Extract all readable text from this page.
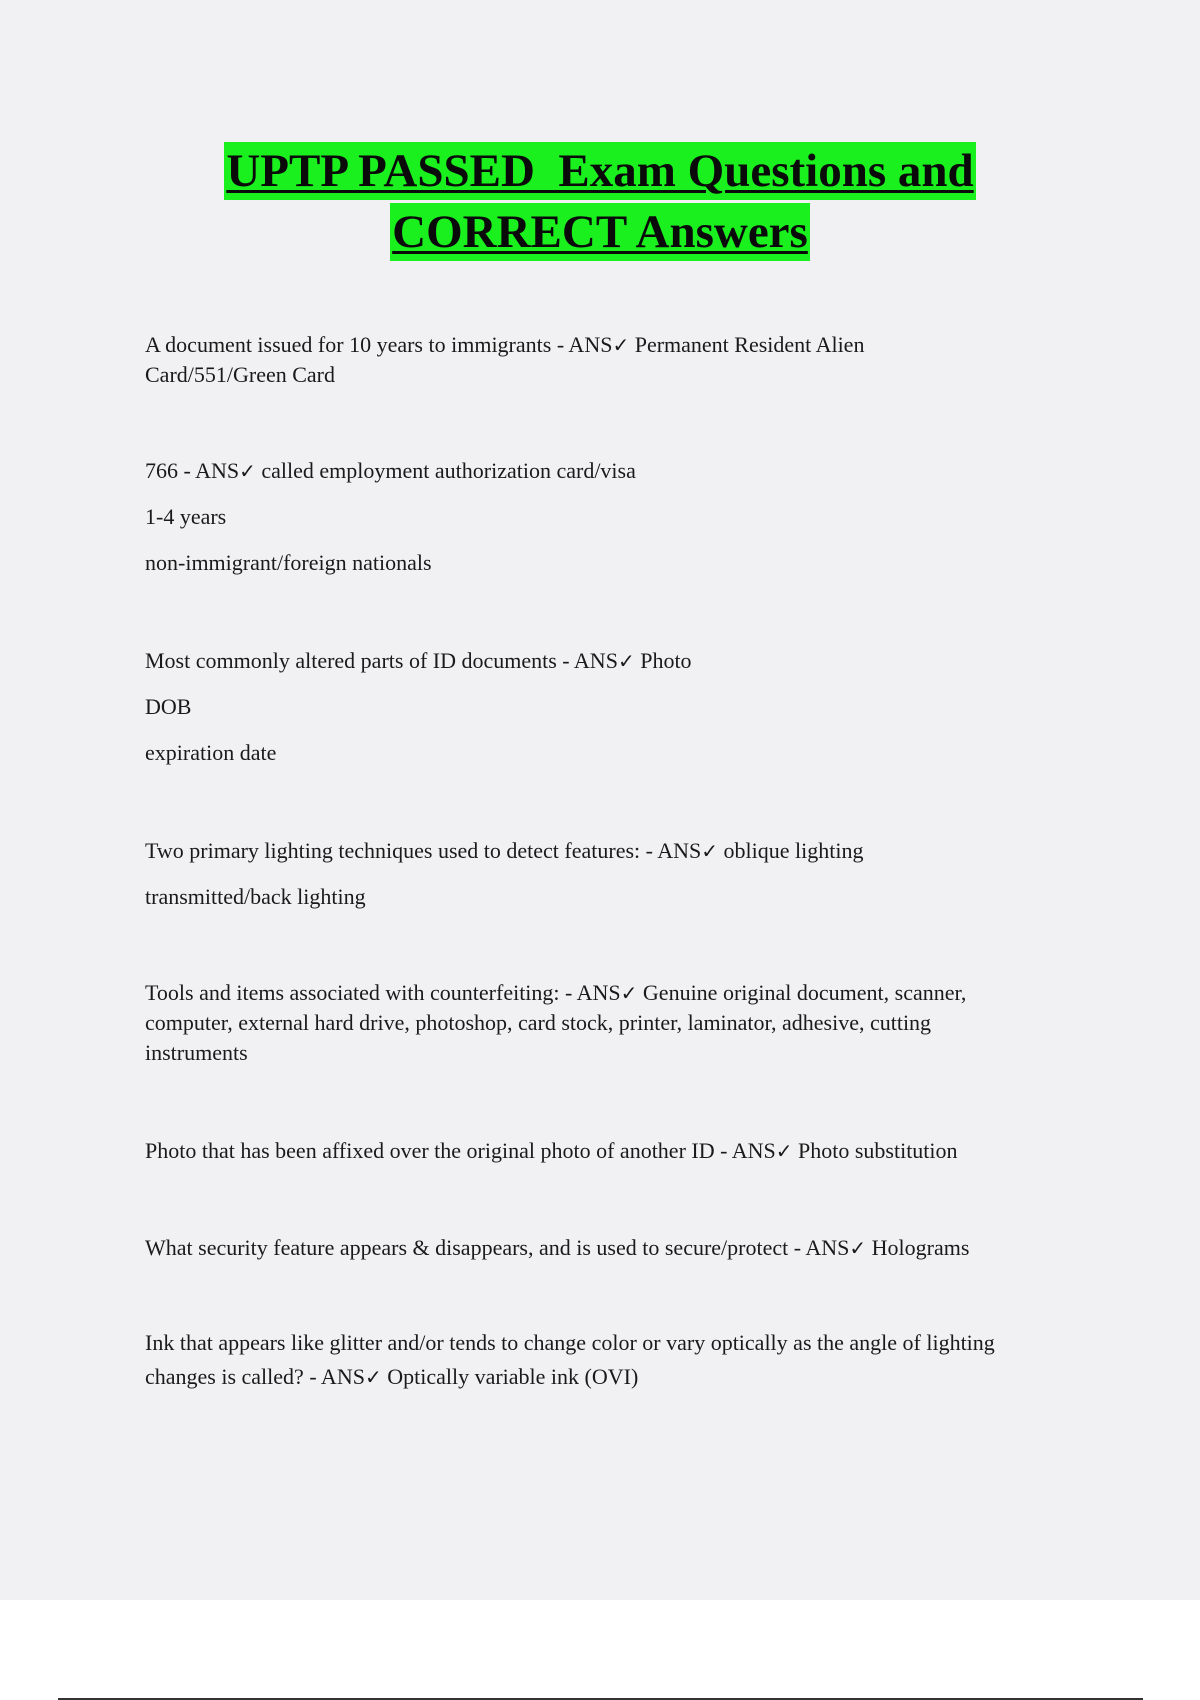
UPTP PASSED  Exam Questions and
CORRECT Answers
A document issued for 10 years to immigrants - ANS✓ Permanent Resident Alien
Card/551/Green Card
766 - ANS✓ called employment authorization card/visa
1-4 years
non-immigrant/foreign nationals
Most commonly altered parts of ID documents - ANS✓ Photo
DOB
expiration date
Two primary lighting techniques used to detect features: - ANS✓ oblique lighting
transmitted/back lighting
Tools and items associated with counterfeiting: - ANS✓ Genuine original document, scanner,
computer, external hard drive, photoshop, card stock, printer, laminator, adhesive, cutting
instruments
Photo that has been affixed over the original photo of another ID - ANS✓ Photo substitution
What security feature appears & disappears, and is used to secure/protect - ANS✓ Holograms
Ink that appears like glitter and/or tends to change color or vary optically as the angle of lighting
changes is called? - ANS✓ Optically variable ink (OVI)
